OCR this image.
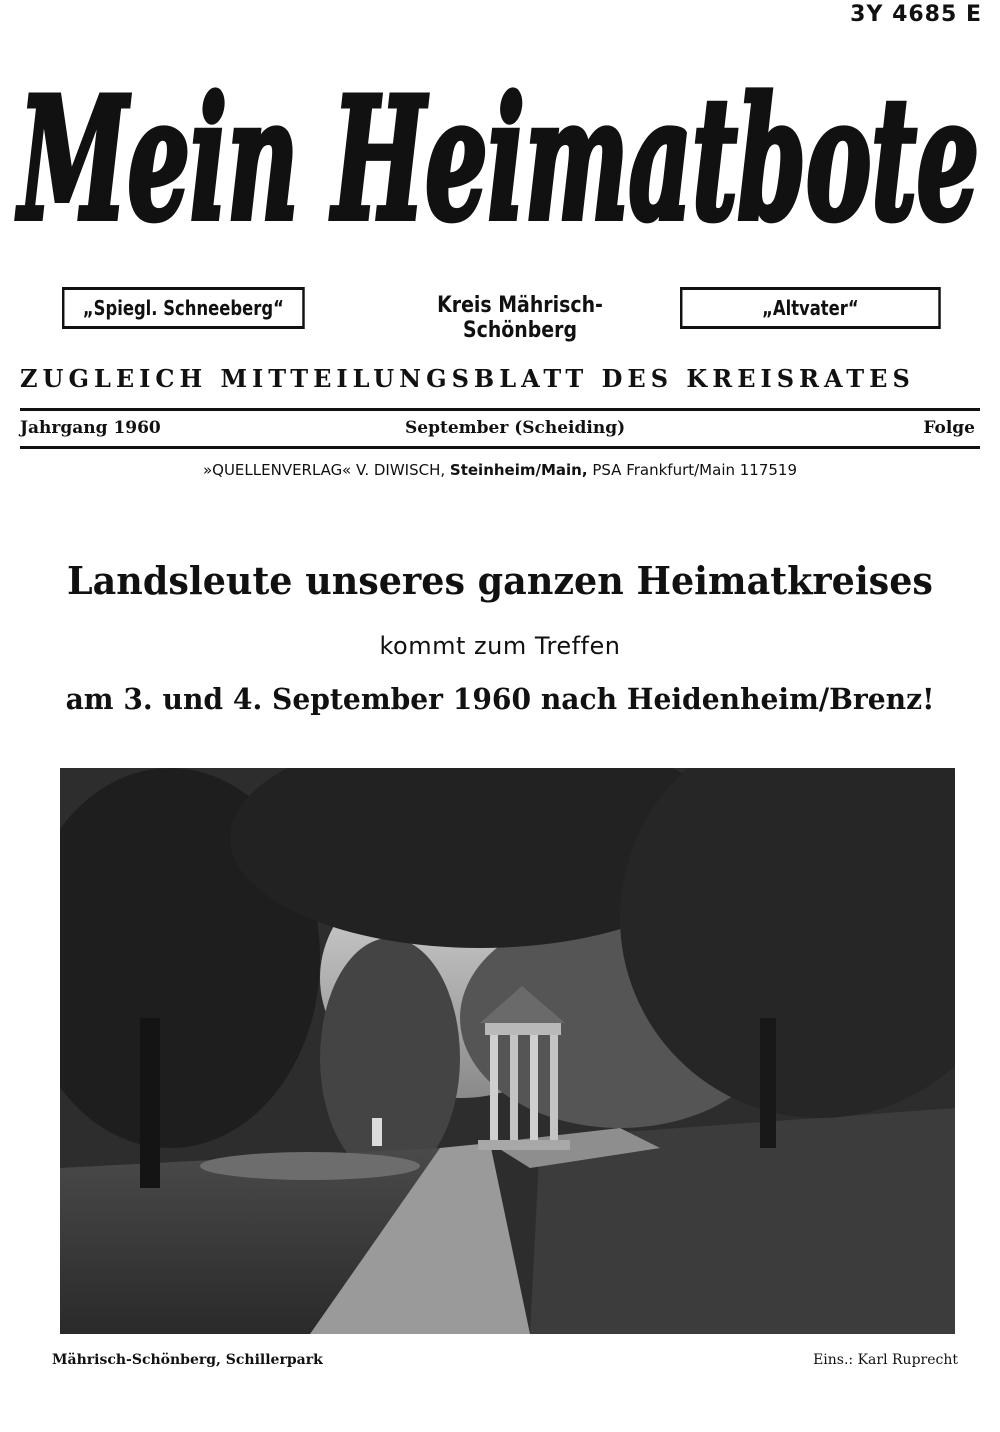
3Y 4685 E
Mein Heimatbote
„Spiegl. Schneeberg“	Kreis Mährisch-Schönberg
„Altvater“
ZUGLEICH MITTEILUNGSBLATT DES KREISRATES
Jahrgang 1960	September (Scheiding)	Folge
»QUELLENVERLAG« V. DIWISCH, Steinheim/Main, PSA Frankfurt/Main 117519
Landsleute unseres ganzen Heimatkreises
kommt zum Treffen
am 3. und 4. September 1960 nach Heidenheim/Brenz!
Mährisch-Schönberg, Schillerpark	Eins.: Karl Ruprecht
